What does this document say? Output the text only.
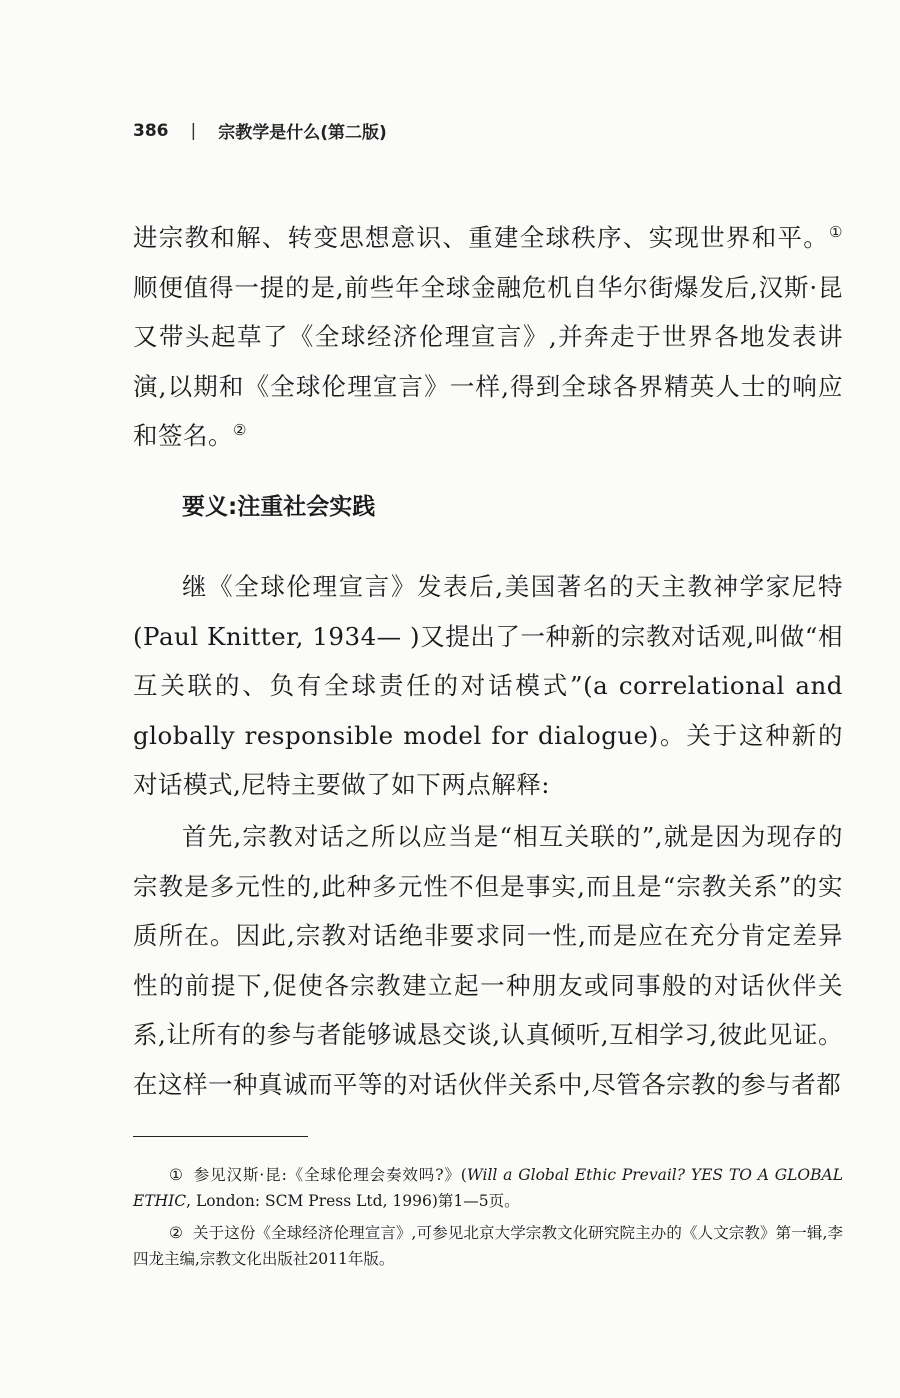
386 | 宗教学是什么(第二版)
进宗教和解、转变思想意识、重建全球秩序、实现世界和平。① 顺便值得一提的是,前些年全球金融危机自华尔街爆发后,汉斯·昆又带头起草了《全球经济伦理宣言》,并奔走于世界各地发表讲演,以期和《全球伦理宣言》一样,得到全球各界精英人士的响应和签名。②
要义:注重社会实践
继《全球伦理宣言》发表后,美国著名的天主教神学家尼特(Paul Knitter, 1934— )又提出了一种新的宗教对话观,叫做“相互关联的、负有全球责任的对话模式”(a correlational and globally responsible model for dialogue)。关于这种新的对话模式,尼特主要做了如下两点解释:
首先,宗教对话之所以应当是“相互关联的”,就是因为现存的宗教是多元性的,此种多元性不但是事实,而且是“宗教关系”的实质所在。因此,宗教对话绝非要求同一性,而是应在充分肯定差异性的前提下,促使各宗教建立起一种朋友或同事般的对话伙伴关系,让所有的参与者能够诚恳交谈,认真倾听,互相学习,彼此见证。在这样一种真诚而平等的对话伙伴关系中,尽管各宗教的参与者都

① 参见汉斯·昆:《全球伦理会奏效吗?》(Will a Global Ethic Prevail? YES TO A GLOBAL ETHIC, London: SCM Press Ltd, 1996)第1—5页。

② 关于这份《全球经济伦理宣言》,可参见北京大学宗教文化研究院主办的《人文宗教》第一辑,李四龙主编,宗教文化出版社2011年版。
